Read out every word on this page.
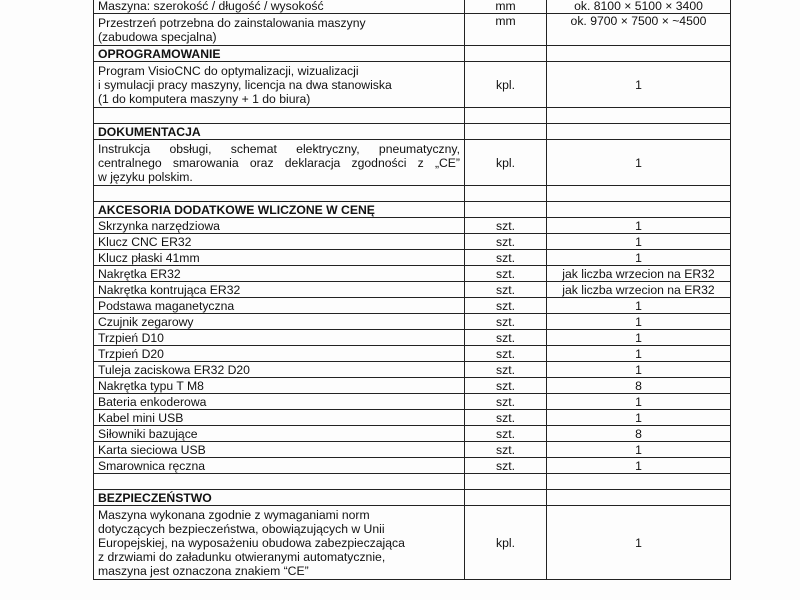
Maszyna: szerokość / długość / wysokość	mm	ok. 8100 × 5100 × 3400

Przestrzeń potrzebna do zainstalowania maszyny
(zabudowa specjalna)	mm	ok. 9700 × 7500 × ~4500
OPROGRAMOWANIE		

Program VisioCNC do optymalizacji, wizualizacji
i symulacji pracy maszyny, licencja na dwa stanowiska
(1 do komputera maszyny + 1 do biura)	kpl.	1

DOKUMENTACJA		

Instrukcja obsługi, schemat elektryczny, pneumatyczny,
centralnego smarowania oraz deklaracja zgodności z „CE”
w języku polskim.	kpl.	1

AKCESORIA DODATKOWE WLICZONE W CENĘ		
Skrzynka narzędziowa	szt.	1
Klucz CNC ER32	szt.	1
Klucz płaski 41mm	szt.	1
Nakrętka ER32	szt.	jak liczba wrzecion na ER32
Nakrętka kontrująca ER32	szt.	jak liczba wrzecion na ER32
Podstawa maganetyczna	szt.	1
Czujnik zegarowy	szt.	1
Trzpień D10	szt.	1
Trzpień D20	szt.	1
Tuleja zaciskowa ER32 D20	szt.	1
Nakrętka typu T M8	szt.	8
Bateria enkoderowa	szt.	1
Kabel mini USB	szt.	1
Siłowniki bazujące	szt.	8
Karta sieciowa USB	szt.	1
Smarownica ręczna	szt.	1

BEZPIECZEŃSTWO		

Maszyna wykonana zgodnie z wymaganiami norm
dotyczących bezpieczeństwa, obowiązujących w Unii
Europejskiej, na wyposażeniu obudowa zabezpieczająca
z drzwiami do załadunku otwieranymi automatycznie,
maszyna jest oznaczona znakiem “CE”	kpl.	1
